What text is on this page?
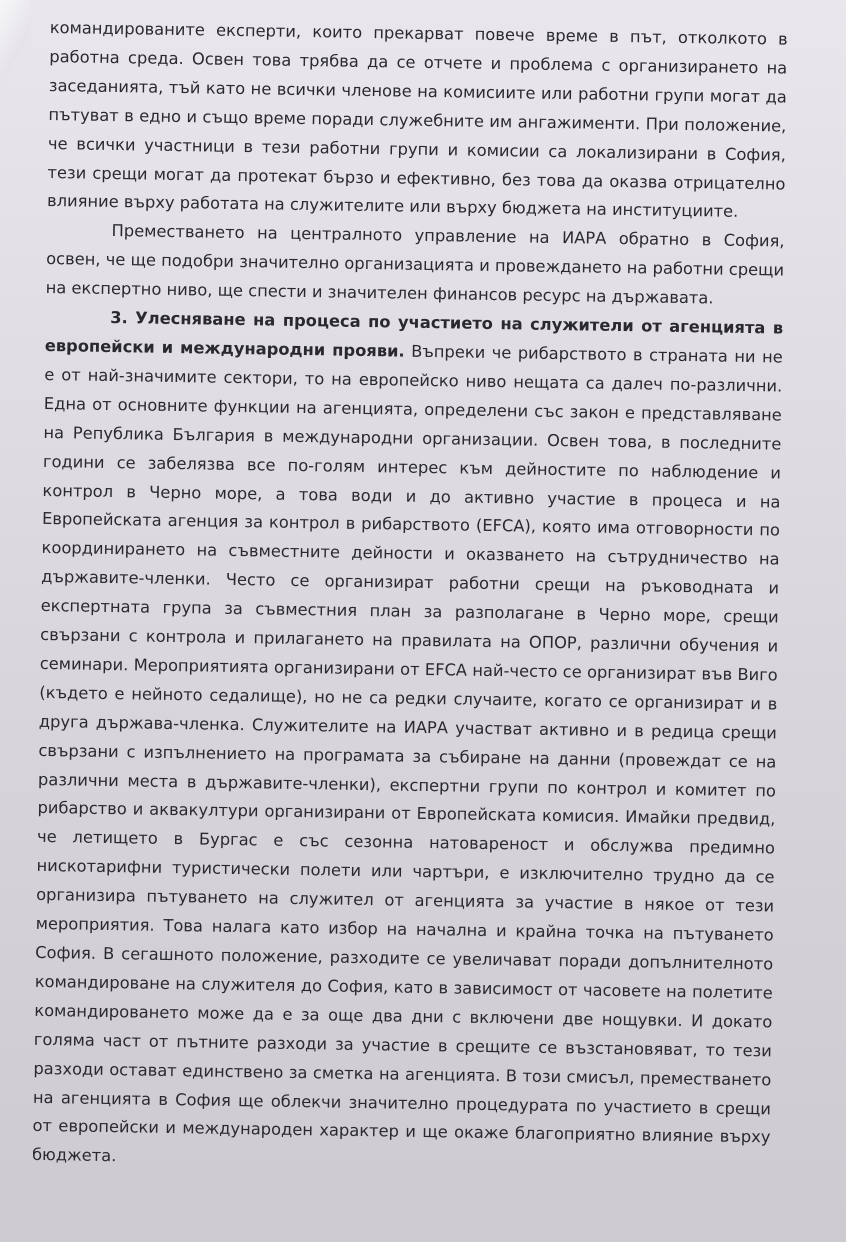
командированите експерти, които прекарват повече време в път, отколкото в работна среда. Освен това трябва да се отчете и проблема с организирането на заседанията, тъй като не всички членове на комисиите или работни групи могат да пътуват в едно и също време поради служебните им ангажименти. При положение, че всички участници в тези работни групи и комисии са локализирани в София, тези срещи могат да протекат бързо и ефективно, без това да оказва отрицателно влияние върху работата на служителите или върху бюджета на институциите.

Преместването на централното управление на ИАРА обратно в София, освен, че ще подобри значително организацията и провеждането на работни срещи на експертно ниво, ще спести и значителен финансов ресурс на държавата.

3. Улесняване на процеса по участието на служители от агенцията в европейски и международни прояви. Въпреки че рибарството в страната ни не е от най-значимите сектори, то на европейско ниво нещата са далеч по-различни. Една от основните функции на агенцията, определени със закон е представляване на Република България в международни организации. Освен това, в последните години се забелязва все по-голям интерес към дейностите по наблюдение и контрол в Черно море, а това води и до активно участие в процеса и на Европейската агенция за контрол в рибарството (EFCA), която има отговорности по координирането на съвместните дейности и оказването на сътрудничество на държавите-членки. Често се организират работни срещи на ръководната и експертната група за съвместния план за разполагане в Черно море, срещи свързани с контрола и прилагането на правилата на ОПОР, различни обучения и семинари. Мероприятията организирани от EFCA най-често се организират във Виго (където е нейното седалище), но не са редки случаите, когато се организират и в друга държава-членка. Служителите на ИАРА участват активно и в редица срещи свързани с изпълнението на програмата за събиране на данни (провеждат се на различни места в държавите-членки), експертни групи по контрол и комитет по рибарство и аквакултури организирани от Европейската комисия. Имайки предвид, че летището в Бургас е със сезонна натовареност и обслужва предимно нискотарифни туристически полети или чартъри, е изключително трудно да се организира пътуването на служител от агенцията за участие в някое от тези мероприятия. Това налага като избор на начална и крайна точка на пътуването София. В сегашното положение, разходите се увеличават поради допълнителното командироване на служителя до София, като в зависимост от часовете на полетите командироването може да е за още два дни с включени две нощувки. И докато голяма част от пътните разходи за участие в срещите се възстановяват, то тези разходи остават единствено за сметка на агенцията. В този смисъл, преместването на агенцията в София ще облекчи значително процедурата по участието в срещи от европейски и международен характер и ще окаже благоприятно влияние върху бюджета.
